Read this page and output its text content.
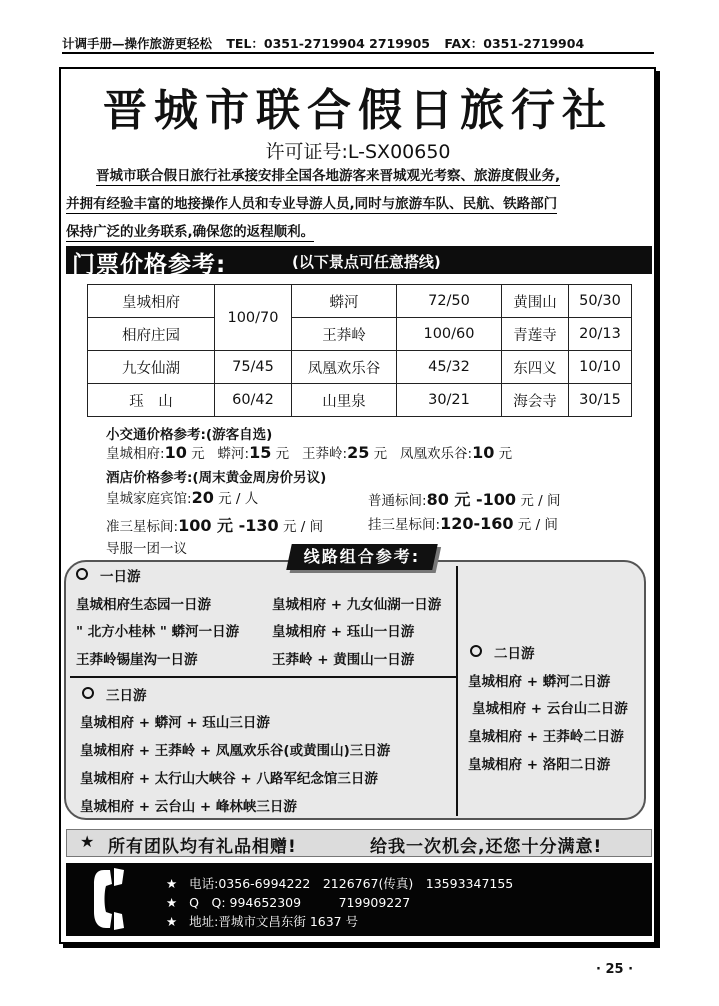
计调手册—操作旅游更轻松 TEL：0351-2719904 2719905 FAX：0351-2719904
晋城市联合假日旅行社
许可证号:L-SX00650
晋城市联合假日旅行社承接安排全国各地游客来晋城观光考察、旅游度假业务,
并拥有经验丰富的地接操作人员和专业导游人员,同时与旅游车队、民航、铁路部门
保持广泛的业务联系,确保您的返程顺利。
门票价格参考:	(以下景点可任意搭线)
皇城相府	100/70	蟒河	72/50	黄围山	50/30
相府庄园		王莽岭	100/60	青莲寺	20/13
九女仙湖	75/45	凤凰欢乐谷	45/32	东四义	10/10
珏　山	60/42	山里泉	30/21	海会寺	30/15
小交通价格参考:(游客自选)
皇城相府:10 元 蟒河:15 元 王莽岭:25 元 凤凰欢乐谷:10 元
酒店价格参考:(周末黄金周房价另议)
皇城家庭宾馆:20 元 / 人	普通标间:80 元 -100 元 / 间
准三星标间:100 元 -130 元 / 间	挂三星标间:120-160 元 / 间
导服一团一议	线路组合参考:
一日游
皇城相府生态园一日游
" 北方小桂林 " 蟒河一日游
王莽岭锡崖沟一日游
皇城相府 + 九女仙湖一日游
皇城相府 + 珏山一日游
王莽岭 + 黄围山一日游
三日游
皇城相府 + 蟒河 + 珏山三日游
皇城相府 + 王莽岭 + 凤凰欢乐谷(或黄围山)三日游
皇城相府 + 太行山大峡谷 + 八路军纪念馆三日游
皇城相府 + 云台山 + 峰林峡三日游
二日游
皇城相府 + 蟒河二日游
皇城相府 + 云台山二日游
皇城相府 + 王莽岭二日游
皇城相府 + 洛阳二日游
★ 所有团队均有礼品相赠!	给我一次机会,还您十分满意!
★ 电话:0356-6994222　2126767(传真)　13593347155
★ Q　Q: 994652309　　　719909227
★ 地址:晋城市文昌东街 1637 号
· 25 ·
